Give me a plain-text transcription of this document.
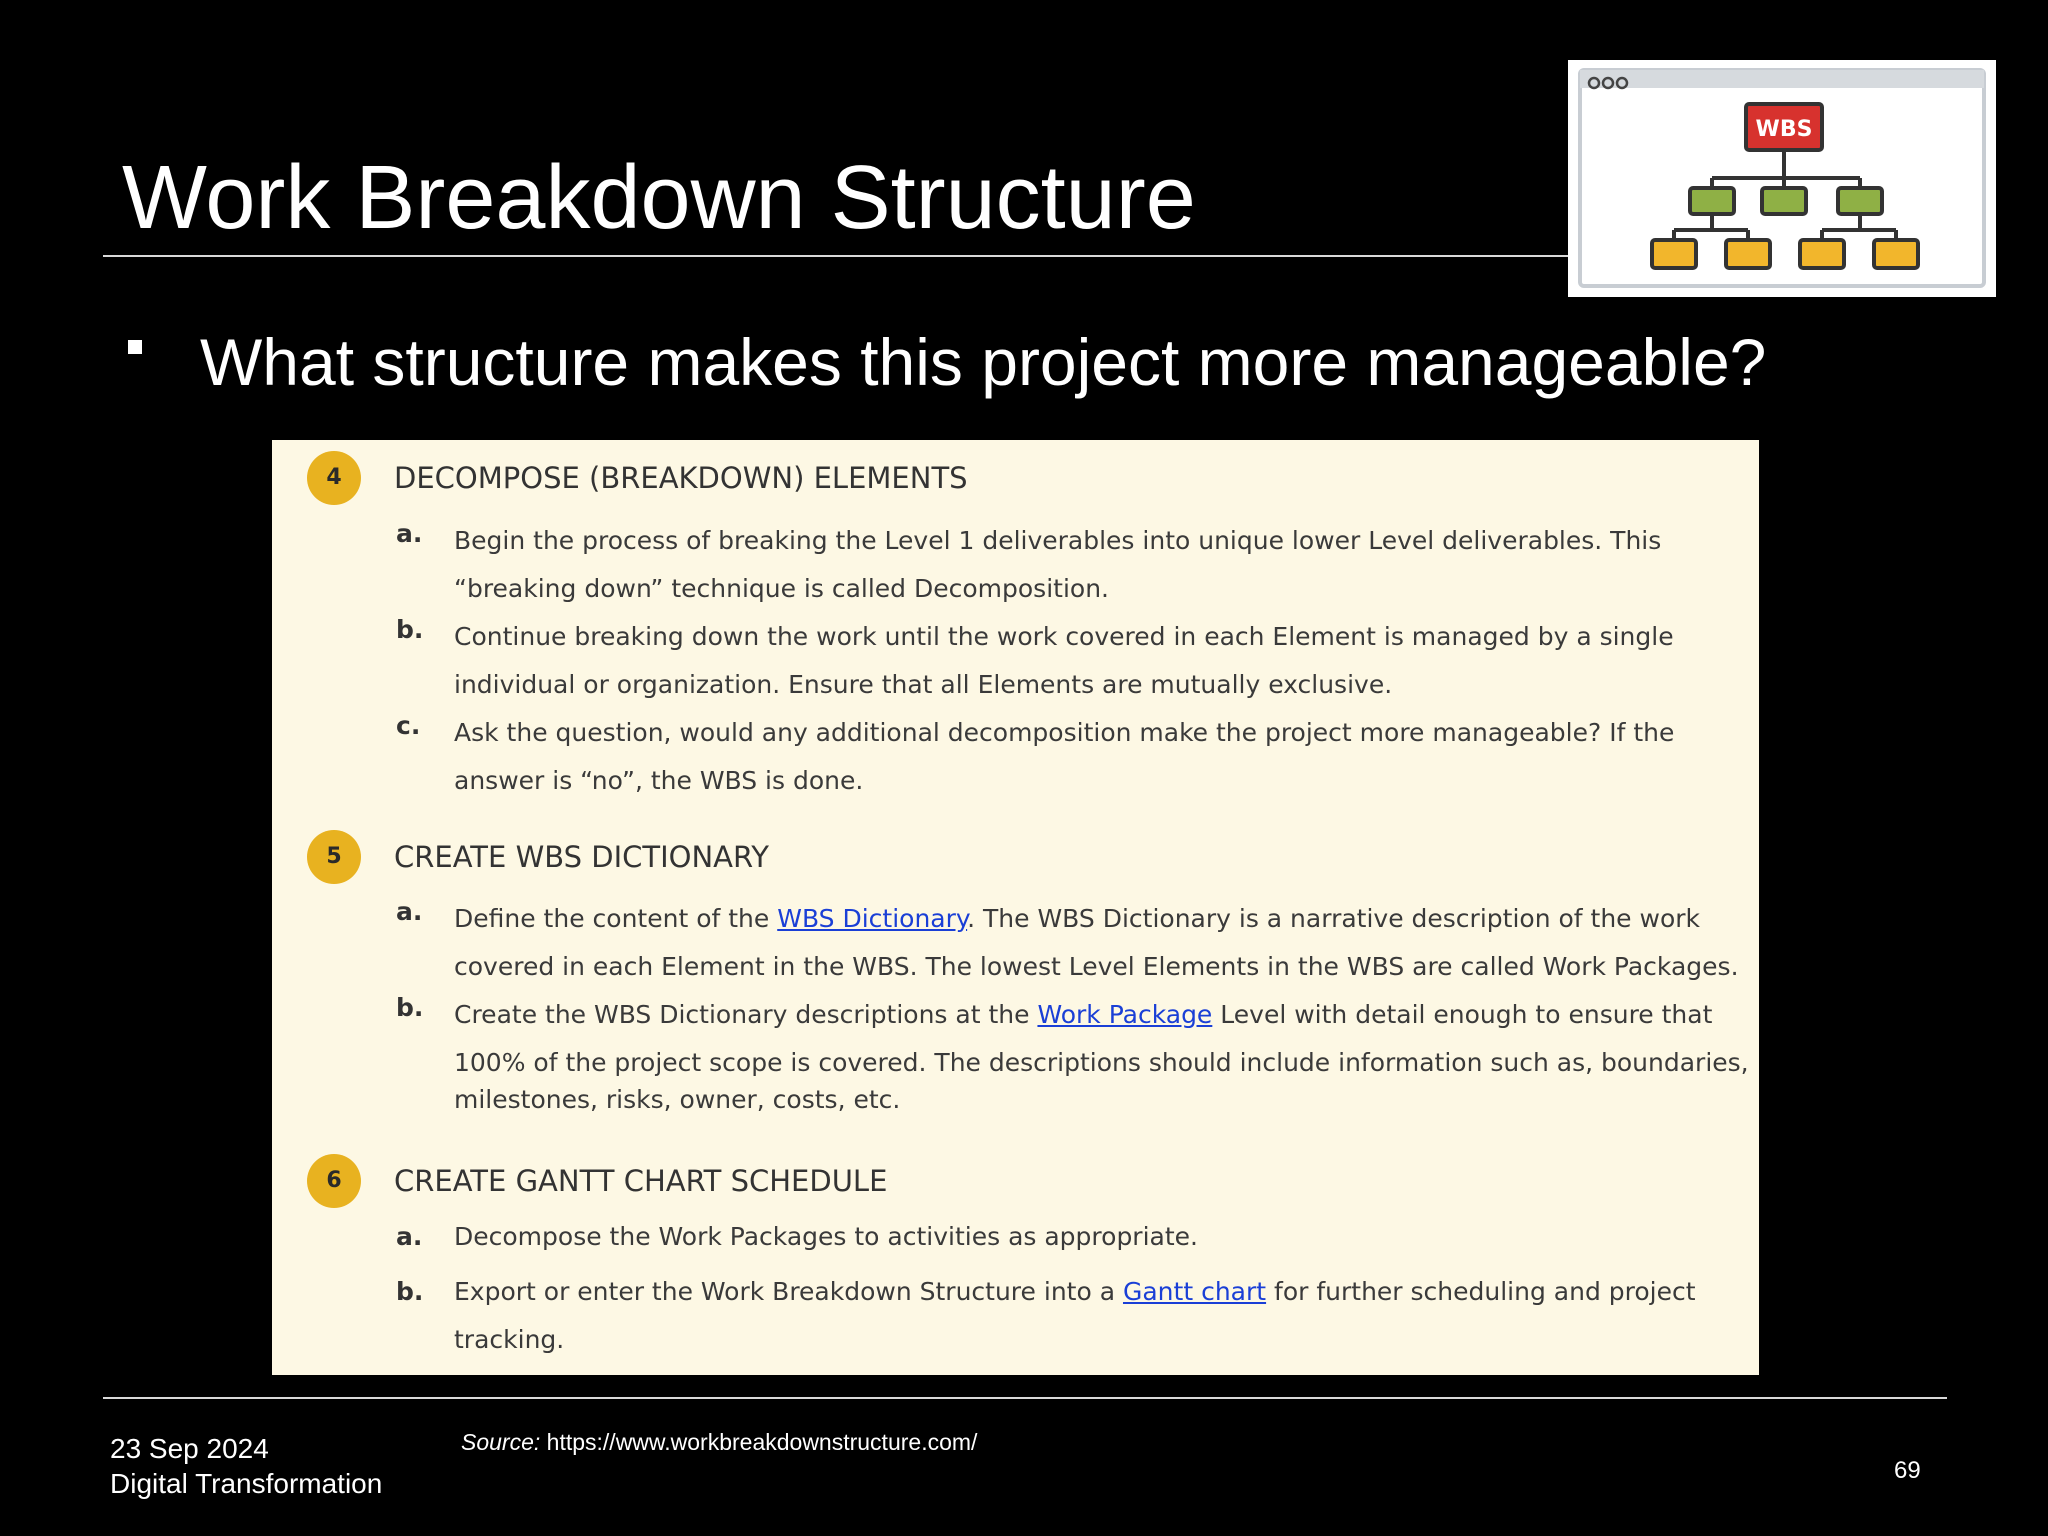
Work Breakdown Structure
WBS
What structure makes this project more manageable?
4	DECOMPOSE (BREAKDOWN) ELEMENTS
a. Begin the process of breaking the Level 1 deliverables into unique lower Level deliverables. This
“breaking down” technique is called Decomposition.
b. Continue breaking down the work until the work covered in each Element is managed by a single
individual or organization. Ensure that all Elements are mutually exclusive.
c. Ask the question, would any additional decomposition make the project more manageable? If the
answer is “no”, the WBS is done.
5	CREATE WBS DICTIONARY
a. Define the content of the WBS Dictionary. The WBS Dictionary is a narrative description of the work
covered in each Element in the WBS. The lowest Level Elements in the WBS are called Work Packages.
b. Create the WBS Dictionary descriptions at the Work Package Level with detail enough to ensure that
100% of the project scope is covered. The descriptions should include information such as, boundaries,
milestones, risks, owner, costs, etc.
6	CREATE GANTT CHART SCHEDULE
a. Decompose the Work Packages to activities as appropriate.
b. Export or enter the Work Breakdown Structure into a Gantt chart for further scheduling and project
tracking.
23 Sep 2024
Digital Transformation
Source: https://www.workbreakdownstructure.com/
69
